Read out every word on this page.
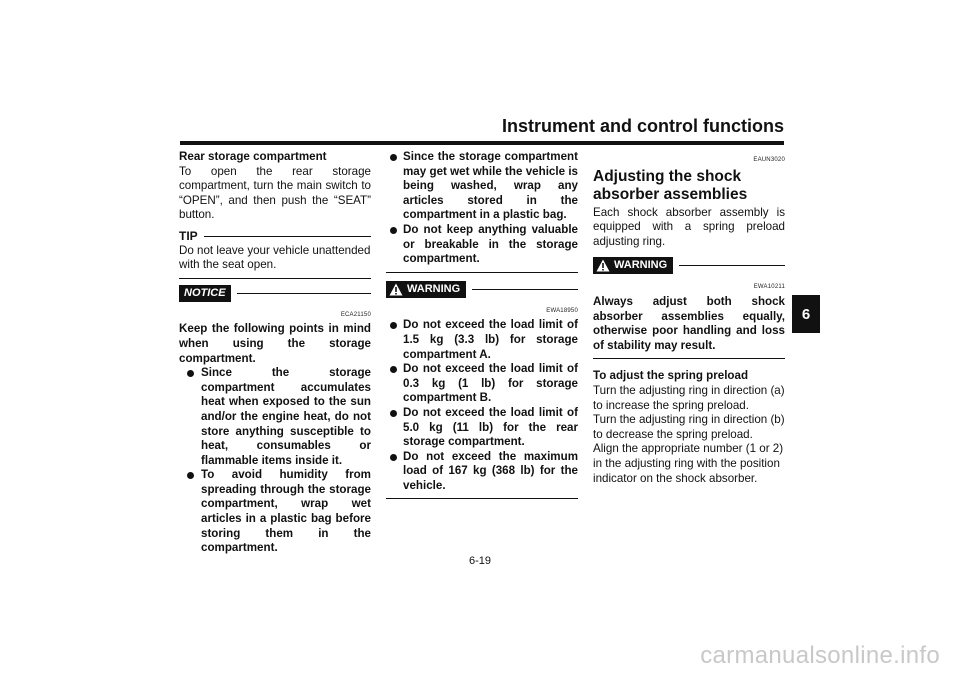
Instrument and control functions
6

Rear storage compartment

To open the rear storage compartment, turn the main switch to “OPEN”, and then push the “SEAT” button.

TIP

Do not leave your vehicle unattended with the seat open.

NOTICE
ECA21150

Keep the following points in mind when using the storage compartment.

Since the storage compartment accumulates heat when exposed to the sun and/or the engine heat, do not store anything susceptible to heat, consumables or flammable items inside it.
To avoid humidity from spreading through the storage compartment, wrap wet articles in a plastic bag before storing them in the compartment.
Since the storage compartment may get wet while the vehicle is being washed, wrap any articles stored in the compartment in a plastic bag.
Do not keep anything valuable or breakable in the storage compartment.
WARNING
EWA18950
Do not exceed the load limit of 1.5 kg (3.3 lb) for storage compartment A.
Do not exceed the load limit of 0.3 kg (1 lb) for storage compartment B.
Do not exceed the load limit of 5.0 kg (11 lb) for the rear storage compartment.
Do not exceed the maximum load of 167 kg (368 lb) for the vehicle.
EAUN3020

Adjusting the shock absorber assemblies

Each shock absorber assembly is equipped with a spring preload adjusting ring.

WARNING
EWA10211

Always adjust both shock absorber assemblies equally, otherwise poor handling and loss of stability may result.

To adjust the spring preload

Turn the adjusting ring in direction (a) to increase the spring preload.

Turn the adjusting ring in direction (b) to decrease the spring preload.

Align the appropriate number (1 or 2) in the adjusting ring with the position indicator on the shock absorber.

6-19
carmanualsonline.info
